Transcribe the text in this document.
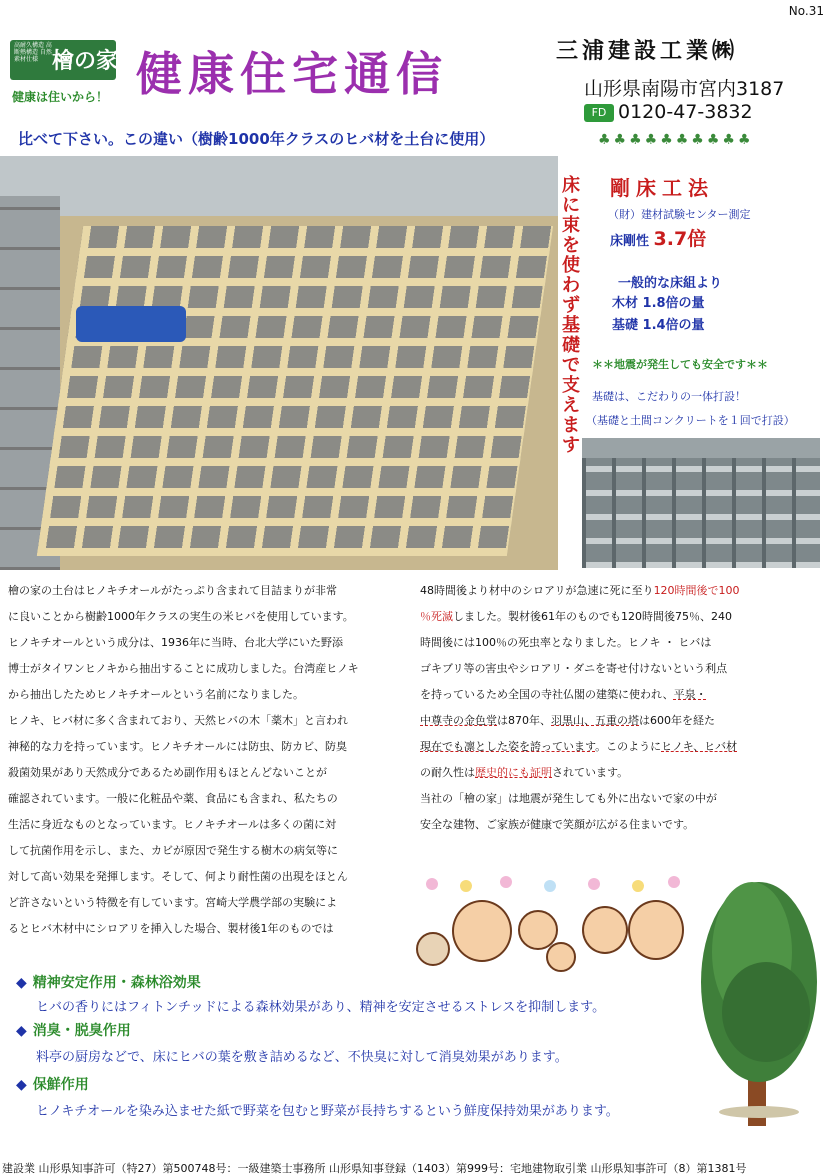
No.31
高耐久構造 高断熱構造 自然素材仕様 檜の家
健康は住いから！ 健康住宅通信	三浦建設工業㈱
山形県南陽市宮内3187
FD 0120-47-3832
比べて下さい。この違い（樹齢1000年クラスのヒバ材を土台に使用）	♣♣♣♣♣♣♣♣♣♣
床に束を使わず基礎で支えます
剛床工法
（財）建材試験センター測定
床剛性 3.7倍
一般的な床組より
木材 1.8倍の量
基礎 1.4倍の量
＊＊地震が発生しても安全です＊＊
基礎は、こだわりの一体打設！
（基礎と土間コンクリートを１回で打設）
檜の家の土台はヒノキチオールがたっぷり含まれて目詰まりが非常
に良いことから樹齢1000年クラスの実生の米ヒバを使用しています。
ヒノキチオールという成分は、1936年に当時、台北大学にいた野添
博士がタイワンヒノキから抽出することに成功しました。台湾産ヒノキ
から抽出したためヒノキチオールという名前になりました。
ヒノキ、ヒバ材に多く含まれており、天然ヒバの木「薬木」と言われ
神秘的な力を持っています。ヒノキチオールには防虫、防カビ、防臭
殺菌効果があり天然成分であるため副作用もほとんどないことが
確認されています。一般に化粧品や薬、食品にも含まれ、私たちの
生活に身近なものとなっています。ヒノキチオールは多くの菌に対
して抗菌作用を示し、また、カビが原因で発生する樹木の病気等に
対して高い効果を発揮します。そして、何より耐性菌の出現をほとん
ど許さないという特徴を有しています。宮崎大学農学部の実験によ
るとヒバ木材中にシロアリを挿入した場合、製材後1年のものでは
48時間後より材中のシロアリが急速に死に至り120時間後で100
％死滅しました。製材後61年のものでも120時間後75％、240
時間後には100％の死虫率となりました。ヒノキ ・ ヒバは
ゴキブリ等の害虫やシロアリ・ダニを寄せ付けないという利点
を持っているため全国の寺社仏閣の建築に使われ、平泉・
中尊寺の金色堂は870年、羽黒山、五重の塔は600年を経た
現在でも凛とした姿を誇っています。このようにヒノキ、ヒバ材
の耐久性は歴史的にも証明されています。
当社の「檜の家」は地震が発生しても外に出ないで家の中が
安全な建物、ご家族が健康で笑顔が広がる住まいです。
◆ 精神安定作用・森林浴効果
ヒバの香りにはフィトンチッドによる森林効果があり、精神を安定させるストレスを抑制します。
◆ 消臭・脱臭作用
料亭の厨房などで、床にヒバの葉を敷き詰めるなど、不快臭に対して消臭効果があります。
◆ 保鮮作用
ヒノキチオールを染み込ませた紙で野菜を包むと野菜が長持ちするという鮮度保持効果があります。
建設業 山形県知事許可（特27）第500748号：一級建築士事務所 山形県知事登録（1403）第999号：宅地建物取引業 山形県知事許可（8）第1381号
